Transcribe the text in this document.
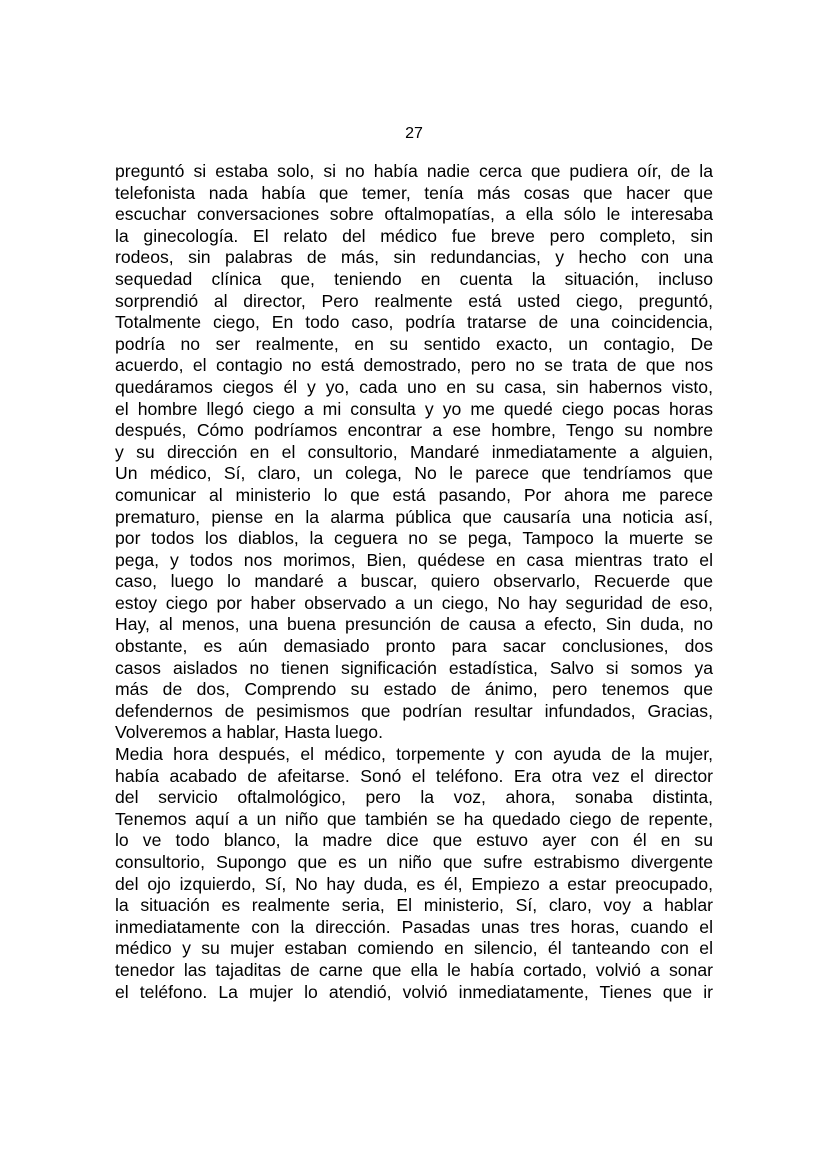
27
preguntó si estaba solo, si no había nadie cerca que pudiera oír, de la
telefonista nada había que temer, tenía más cosas que hacer que
escuchar conversaciones sobre oftalmopatías, a ella sólo le interesaba
la ginecología. El relato del médico fue breve pero completo, sin
rodeos, sin palabras de más, sin redundancias, y hecho con una
sequedad clínica que, teniendo en cuenta la situación, incluso
sorprendió al director, Pero realmente está usted ciego, preguntó,
Totalmente ciego, En todo caso, podría tratarse de una coincidencia,
podría no ser realmente, en su sentido exacto, un contagio, De
acuerdo, el contagio no está demostrado, pero no se trata de que nos
quedáramos ciegos él y yo, cada uno en su casa, sin habernos visto,
el hombre llegó ciego a mi consulta y yo me quedé ciego pocas horas
después, Cómo podríamos encontrar a ese hombre, Tengo su nombre
y su dirección en el consultorio, Mandaré inmediatamente a alguien,
Un médico, Sí, claro, un colega, No le parece que tendríamos que
comunicar al ministerio lo que está pasando, Por ahora me parece
prematuro, piense en la alarma pública que causaría una noticia así,
por todos los diablos, la ceguera no se pega, Tampoco la muerte se
pega, y todos nos morimos, Bien, quédese en casa mientras trato el
caso, luego lo mandaré a buscar, quiero observarlo, Recuerde que
estoy ciego por haber observado a un ciego, No hay seguridad de eso,
Hay, al menos, una buena presunción de causa a efecto, Sin duda, no
obstante, es aún demasiado pronto para sacar conclusiones, dos
casos aislados no tienen significación estadística, Salvo si somos ya
más de dos, Comprendo su estado de ánimo, pero tenemos que
defendernos de pesimismos que podrían resultar infundados, Gracias,
Volveremos a hablar, Hasta luego.
Media hora después, el médico, torpemente y con ayuda de la mujer,
había acabado de afeitarse. Sonó el teléfono. Era otra vez el director
del servicio oftalmológico, pero la voz, ahora, sonaba distinta,
Tenemos aquí a un niño que también se ha quedado ciego de repente,
lo ve todo blanco, la madre dice que estuvo ayer con él en su
consultorio, Supongo que es un niño que sufre estrabismo divergente
del ojo izquierdo, Sí, No hay duda, es él, Empiezo a estar preocupado,
la situación es realmente seria, El ministerio, Sí, claro, voy a hablar
inmediatamente con la dirección. Pasadas unas tres horas, cuando el
médico y su mujer estaban comiendo en silencio, él tanteando con el
tenedor las tajaditas de carne que ella le había cortado, volvió a sonar
el teléfono. La mujer lo atendió, volvió inmediatamente, Tienes que ir
